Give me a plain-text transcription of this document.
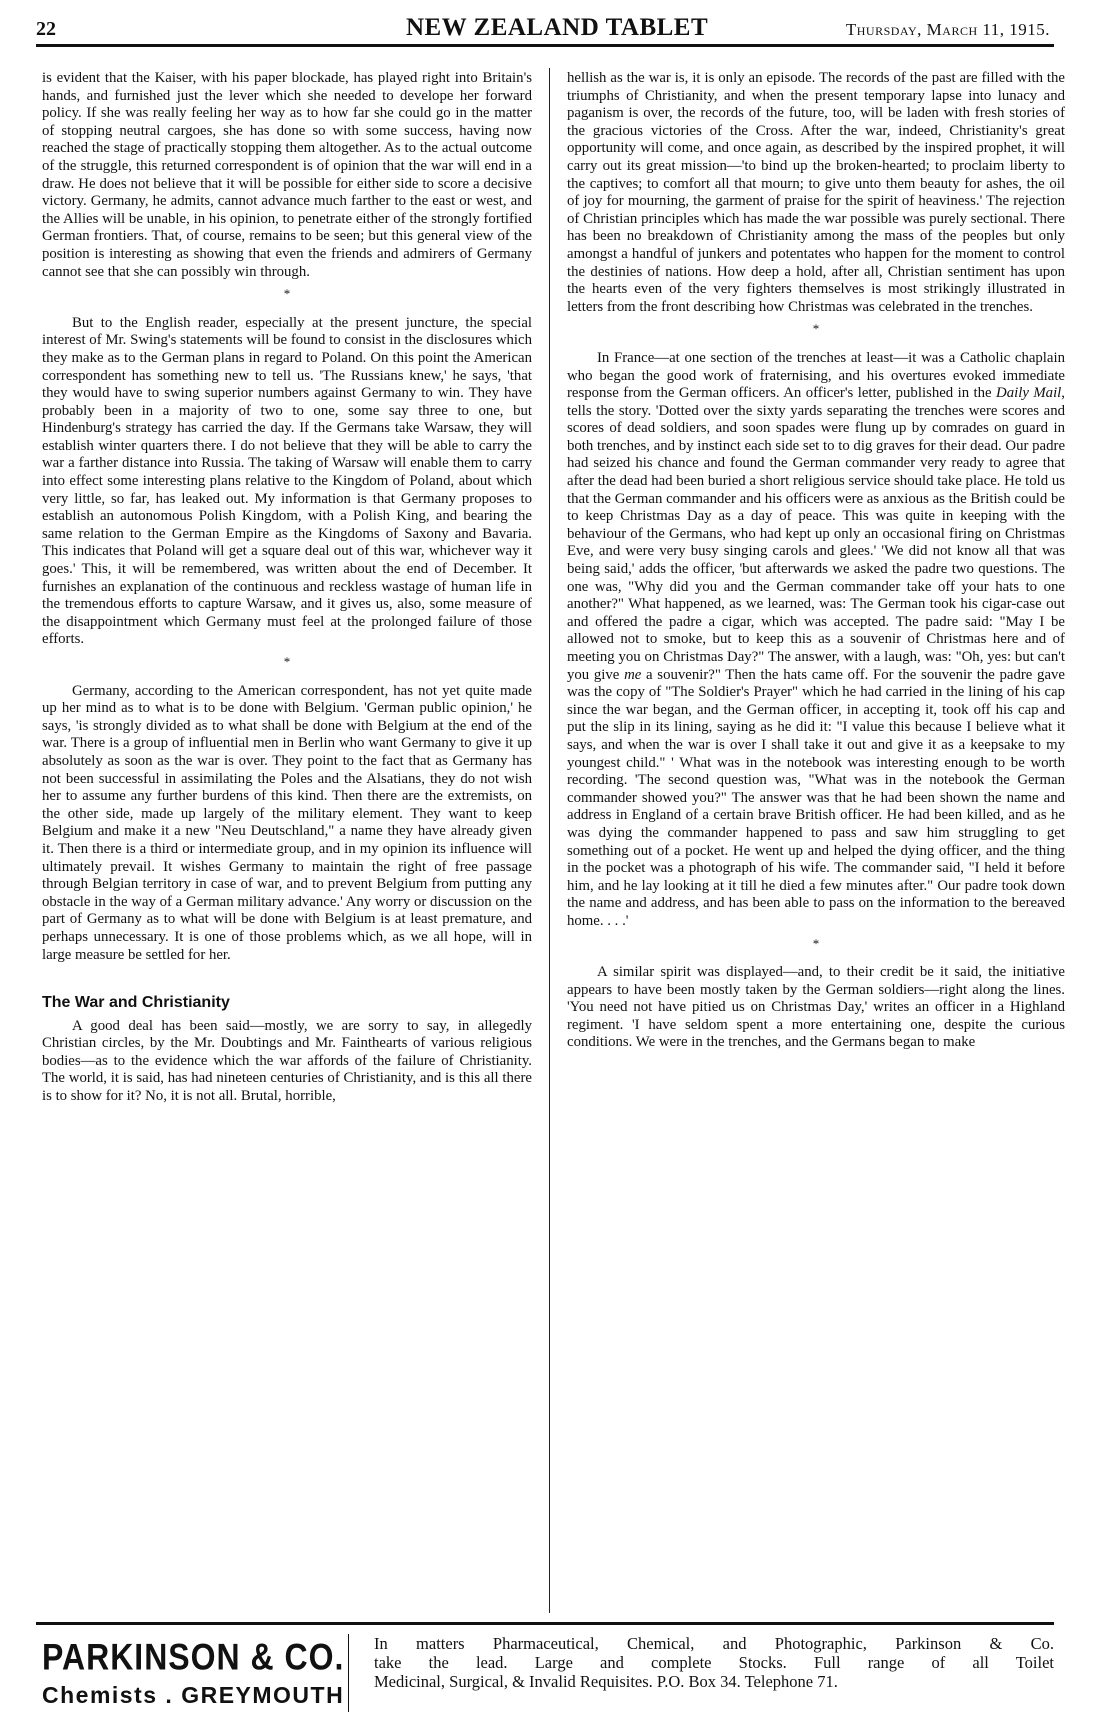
22	NEW ZEALAND TABLET	Thursday, March 11, 1915.

is evident that the Kaiser, with his paper blockade, has played right into Britain's hands, and furnished just the lever which she needed to develope her forward policy. If she was really feeling her way as to how far she could go in the matter of stopping neutral cargoes, she has done so with some success, having now reached the stage of practically stopping them altogether. As to the actual outcome of the struggle, this returned correspondent is of opinion that the war will end in a draw. He does not believe that it will be possible for either side to score a decisive victory. Germany, he admits, cannot advance much farther to the east or west, and the Allies will be unable, in his opinion, to penetrate either of the strongly fortified German frontiers. That, of course, remains to be seen; but this general view of the position is interesting as showing that even the friends and admirers of Germany cannot see that she can possibly win through.

*

But to the English reader, especially at the present juncture, the special interest of Mr. Swing's statements will be found to consist in the disclosures which they make as to the German plans in regard to Poland. On this point the American correspondent has something new to tell us. 'The Russians knew,' he says, 'that they would have to swing superior numbers against Germany to win. They have probably been in a majority of two to one, some say three to one, but Hindenburg's strategy has carried the day. If the Germans take Warsaw, they will establish winter quarters there. I do not believe that they will be able to carry the war a farther distance into Russia. The taking of Warsaw will enable them to carry into effect some interesting plans relative to the Kingdom of Poland, about which very little, so far, has leaked out. My information is that Germany proposes to establish an autonomous Polish Kingdom, with a Polish King, and bearing the same relation to the German Empire as the Kingdoms of Saxony and Bavaria. This indicates that Poland will get a square deal out of this war, whichever way it goes.' This, it will be remembered, was written about the end of December. It furnishes an explanation of the continuous and reckless wastage of human life in the tremendous efforts to capture Warsaw, and it gives us, also, some measure of the disappointment which Germany must feel at the prolonged failure of those efforts.

*

Germany, according to the American correspondent, has not yet quite made up her mind as to what is to be done with Belgium. 'German public opinion,' he says, 'is strongly divided as to what shall be done with Belgium at the end of the war. There is a group of influential men in Berlin who want Germany to give it up absolutely as soon as the war is over. They point to the fact that as Germany has not been successful in assimilating the Poles and the Alsatians, they do not wish her to assume any further burdens of this kind. Then there are the extremists, on the other side, made up largely of the military element. They want to keep Belgium and make it a new "Neu Deutschland," a name they have already given it. Then there is a third or intermediate group, and in my opinion its influence will ultimately prevail. It wishes Germany to maintain the right of free passage through Belgian territory in case of war, and to prevent Belgium from putting any obstacle in the way of a German military advance.' Any worry or discussion on the part of Germany as to what will be done with Belgium is at least premature, and perhaps unnecessary. It is one of those problems which, as we all hope, will in large measure be settled for her.

The War and Christianity

A good deal has been said—mostly, we are sorry to say, in allegedly Christian circles, by the Mr. Doubtings and Mr. Fainthearts of various religious bodies—as to the evidence which the war affords of the failure of Christianity. The world, it is said, has had nineteen centuries of Christianity, and is this all there is to show for it? No, it is not all. Brutal, horrible,

hellish as the war is, it is only an episode. The records of the past are filled with the triumphs of Christianity, and when the present temporary lapse into lunacy and paganism is over, the records of the future, too, will be laden with fresh stories of the gracious victories of the Cross. After the war, indeed, Christianity's great opportunity will come, and once again, as described by the inspired prophet, it will carry out its great mission—'to bind up the broken-hearted; to proclaim liberty to the captives; to comfort all that mourn; to give unto them beauty for ashes, the oil of joy for mourning, the garment of praise for the spirit of heaviness.' The rejection of Christian principles which has made the war possible was purely sectional. There has been no breakdown of Christianity among the mass of the peoples but only amongst a handful of junkers and potentates who happen for the moment to control the destinies of nations. How deep a hold, after all, Christian sentiment has upon the hearts even of the very fighters themselves is most strikingly illustrated in letters from the front describing how Christmas was celebrated in the trenches.

*

In France—at one section of the trenches at least—it was a Catholic chaplain who began the good work of fraternising, and his overtures evoked immediate response from the German officers. An officer's letter, published in the Daily Mail, tells the story. 'Dotted over the sixty yards separating the trenches were scores and scores of dead soldiers, and soon spades were flung up by comrades on guard in both trenches, and by instinct each side set to to dig graves for their dead. Our padre had seized his chance and found the German commander very ready to agree that after the dead had been buried a short religious service should take place. He told us that the German commander and his officers were as anxious as the British could be to keep Christmas Day as a day of peace. This was quite in keeping with the behaviour of the Germans, who had kept up only an occasional firing on Christmas Eve, and were very busy singing carols and glees.' 'We did not know all that was being said,' adds the officer, 'but afterwards we asked the padre two questions. The one was, "Why did you and the German commander take off your hats to one another?" What happened, as we learned, was: The German took his cigar-case out and offered the padre a cigar, which was accepted. The padre said: "May I be allowed not to smoke, but to keep this as a souvenir of Christmas here and of meeting you on Christmas Day?" The answer, with a laugh, was: "Oh, yes: but can't you give me a souvenir?" Then the hats came off. For the souvenir the padre gave was the copy of "The Soldier's Prayer" which he had carried in the lining of his cap since the war began, and the German officer, in accepting it, took off his cap and put the slip in its lining, saying as he did it: "I value this because I believe what it says, and when the war is over I shall take it out and give it as a keepsake to my youngest child." ' What was in the notebook was interesting enough to be worth recording. 'The second question was, "What was in the notebook the German commander showed you?" The answer was that he had been shown the name and address in England of a certain brave British officer. He had been killed, and as he was dying the commander happened to pass and saw him struggling to get something out of a pocket. He went up and helped the dying officer, and the thing in the pocket was a photograph of his wife. The commander said, "I held it before him, and he lay looking at it till he died a few minutes after." Our padre took down the name and address, and has been able to pass on the information to the bereaved home. . . .'

*

A similar spirit was displayed—and, to their credit be it said, the initiative appears to have been mostly taken by the German soldiers—right along the lines. 'You need not have pitied us on Christmas Day,' writes an officer in a Highland regiment. 'I have seldom spent a more entertaining one, despite the curious conditions. We were in the trenches, and the Germans began to make

PARKINSON & CO.
Chemists . GREYMOUTH
In matters Pharmaceutical, Chemical, and Photographic, Parkinson & Co.
take the lead. Large and complete Stocks. Full range of all Toilet
Medicinal, Surgical, & Invalid Requisites. P.O. Box 34. Telephone 71.
